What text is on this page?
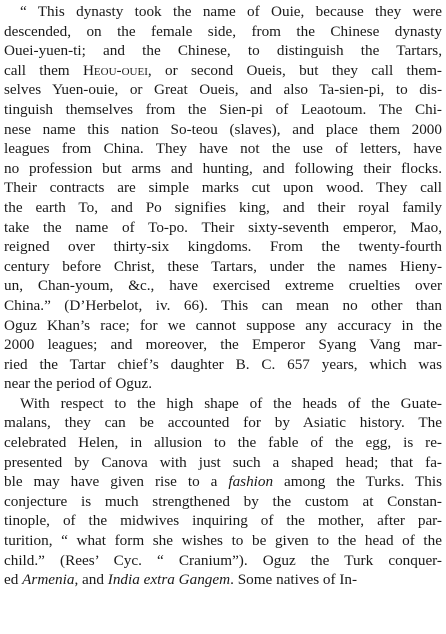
“ This dynasty took the name of Ouie, because they were
descended, on the female side, from the Chinese dynasty
Ouei-yuen-ti; and the Chinese, to distinguish the Tartars,
call them Heou-ouei, or second Oueis, but they call them-
selves Yuen-ouie, or Great Oueis, and also Ta-sien-pi, to dis-
tinguish themselves from the Sien-pi of Leaotoum. The Chi-
nese name this nation So-teou (slaves), and place them 2000
leagues from China. They have not the use of letters, have
no profession but arms and hunting, and following their flocks.
Their contracts are simple marks cut upon wood. They call
the earth To, and Po signifies king, and their royal family
take the name of To-po. Their sixty-seventh emperor, Mao,
reigned over thirty-six kingdoms. From the twenty-fourth
century before Christ, these Tartars, under the names Hieny-
un, Chan-youm, &c., have exercised extreme cruelties over
China.” (D’Herbelot, iv. 66). This can mean no other than
Oguz Khan’s race; for we cannot suppose any accuracy in the
2000 leagues; and moreover, the Emperor Syang Vang mar-
ried the Tartar chief’s daughter B. C. 657 years, which was
near the period of Oguz.
With respect to the high shape of the heads of the Guate-
malans, they can be accounted for by Asiatic history. The
celebrated Helen, in allusion to the fable of the egg, is re-
presented by Canova with just such a shaped head; that fa-
ble may have given rise to a fashion among the Turks. This
conjecture is much strengthened by the custom at Constan-
tinople, of the midwives inquiring of the mother, after par-
turition, “ what form she wishes to be given to the head of the
child.” (Rees’ Cyc. “ Cranium”). Oguz the Turk conquer-
ed Armenia, and India extra Gangem. Some natives of In-
